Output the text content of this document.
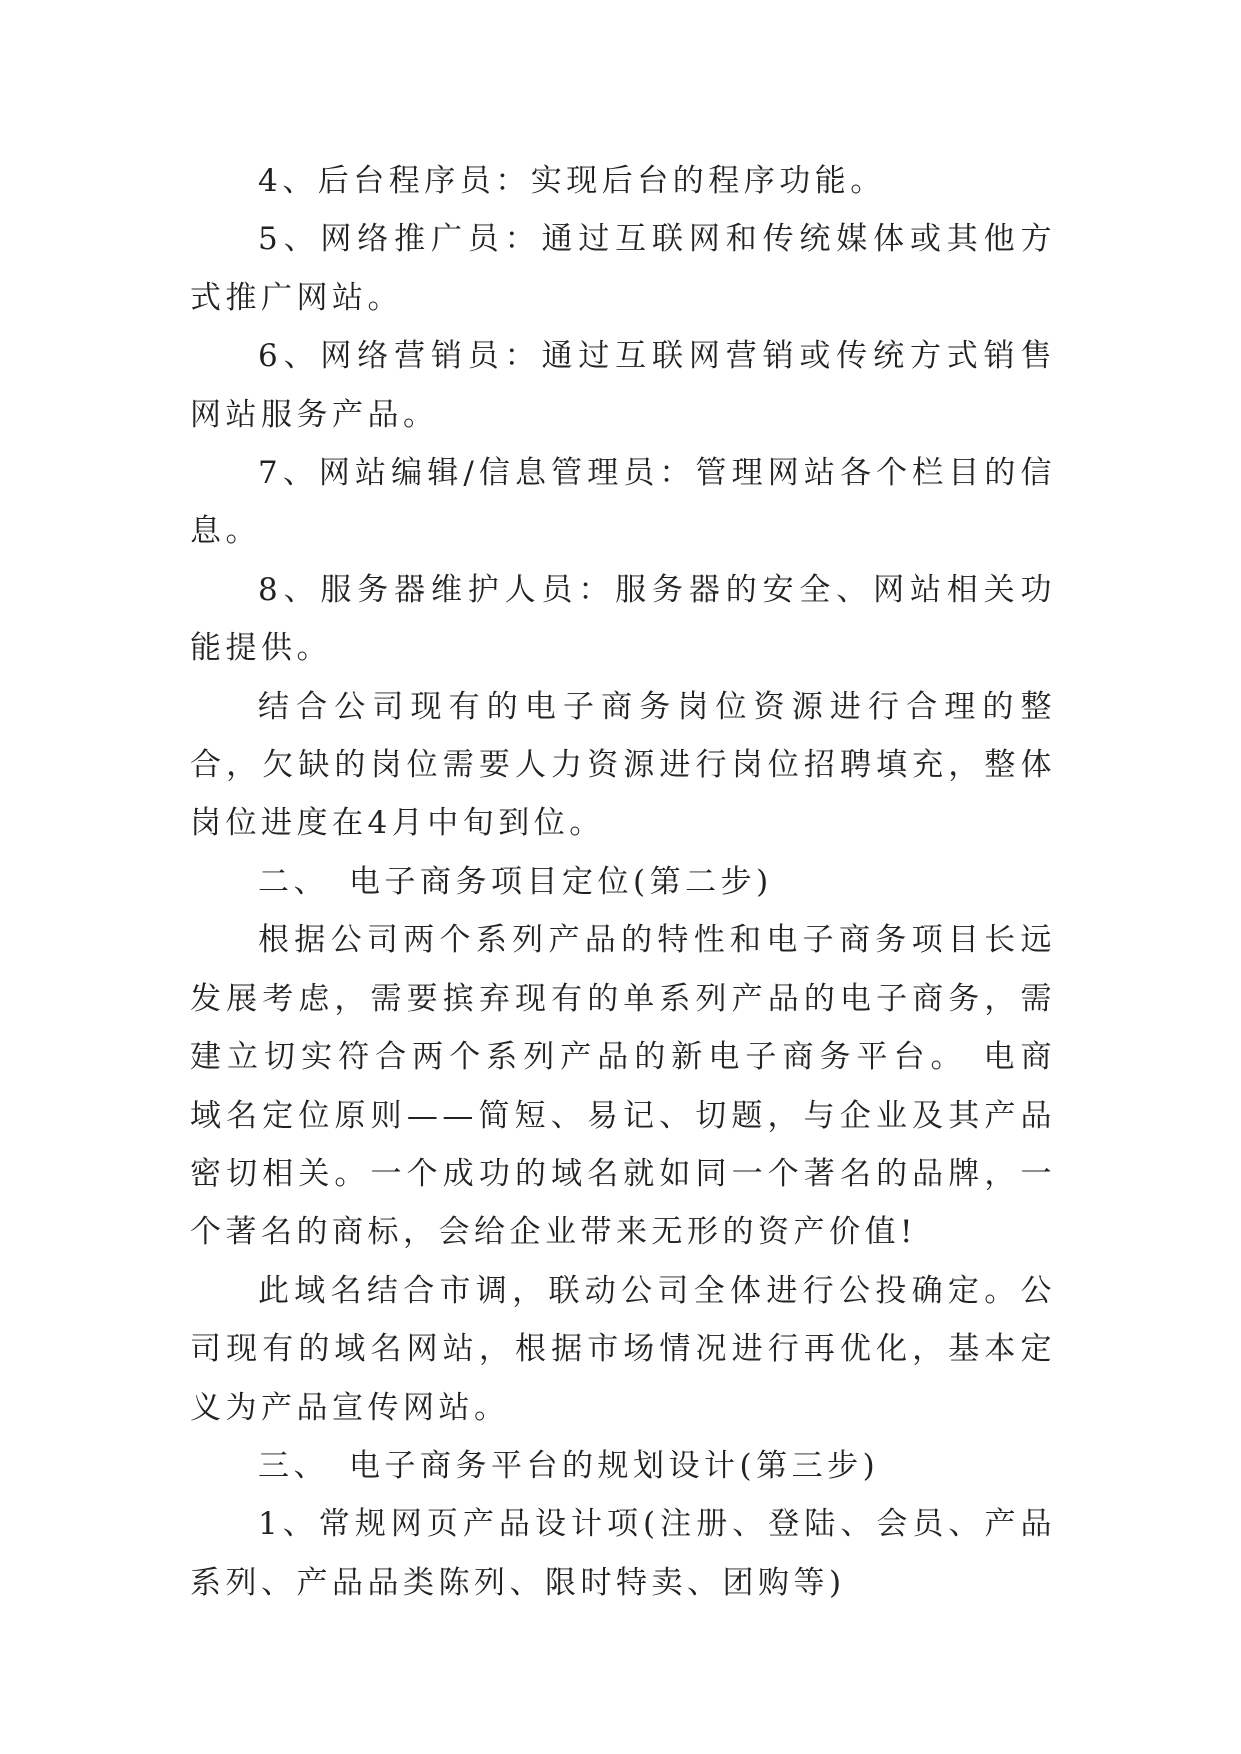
4、后台程序员：实现后台的程序功能。

5、网络推广员：通过互联网和传统媒体或其他方式推广网站。

6、网络营销员：通过互联网营销或传统方式销售网站服务产品。

7、网站编辑/信息管理员：管理网站各个栏目的信息。

8、服务器维护人员：服务器的安全、网站相关功能提供。

结合公司现有的电子商务岗位资源进行合理的整合，欠缺的岗位需要人力资源进行岗位招聘填充，整体岗位进度在4月中旬到位。

二、　电子商务项目定位(第二步)

根据公司两个系列产品的特性和电子商务项目长远发展考虑，需要摈弃现有的单系列产品的电子商务，需建立切实符合两个系列产品的新电子商务平台。 电商域名定位原则——简短、易记、切题，与企业及其产品密切相关。一个成功的域名就如同一个著名的品牌，一个著名的商标，会给企业带来无形的资产价值!

此域名结合市调，联动公司全体进行公投确定。公司现有的域名网站，根据市场情况进行再优化，基本定义为产品宣传网站。

三、　电子商务平台的规划设计(第三步)

1、常规网页产品设计项(注册、登陆、会员、产品系列、产品品类陈列、限时特卖、团购等)
